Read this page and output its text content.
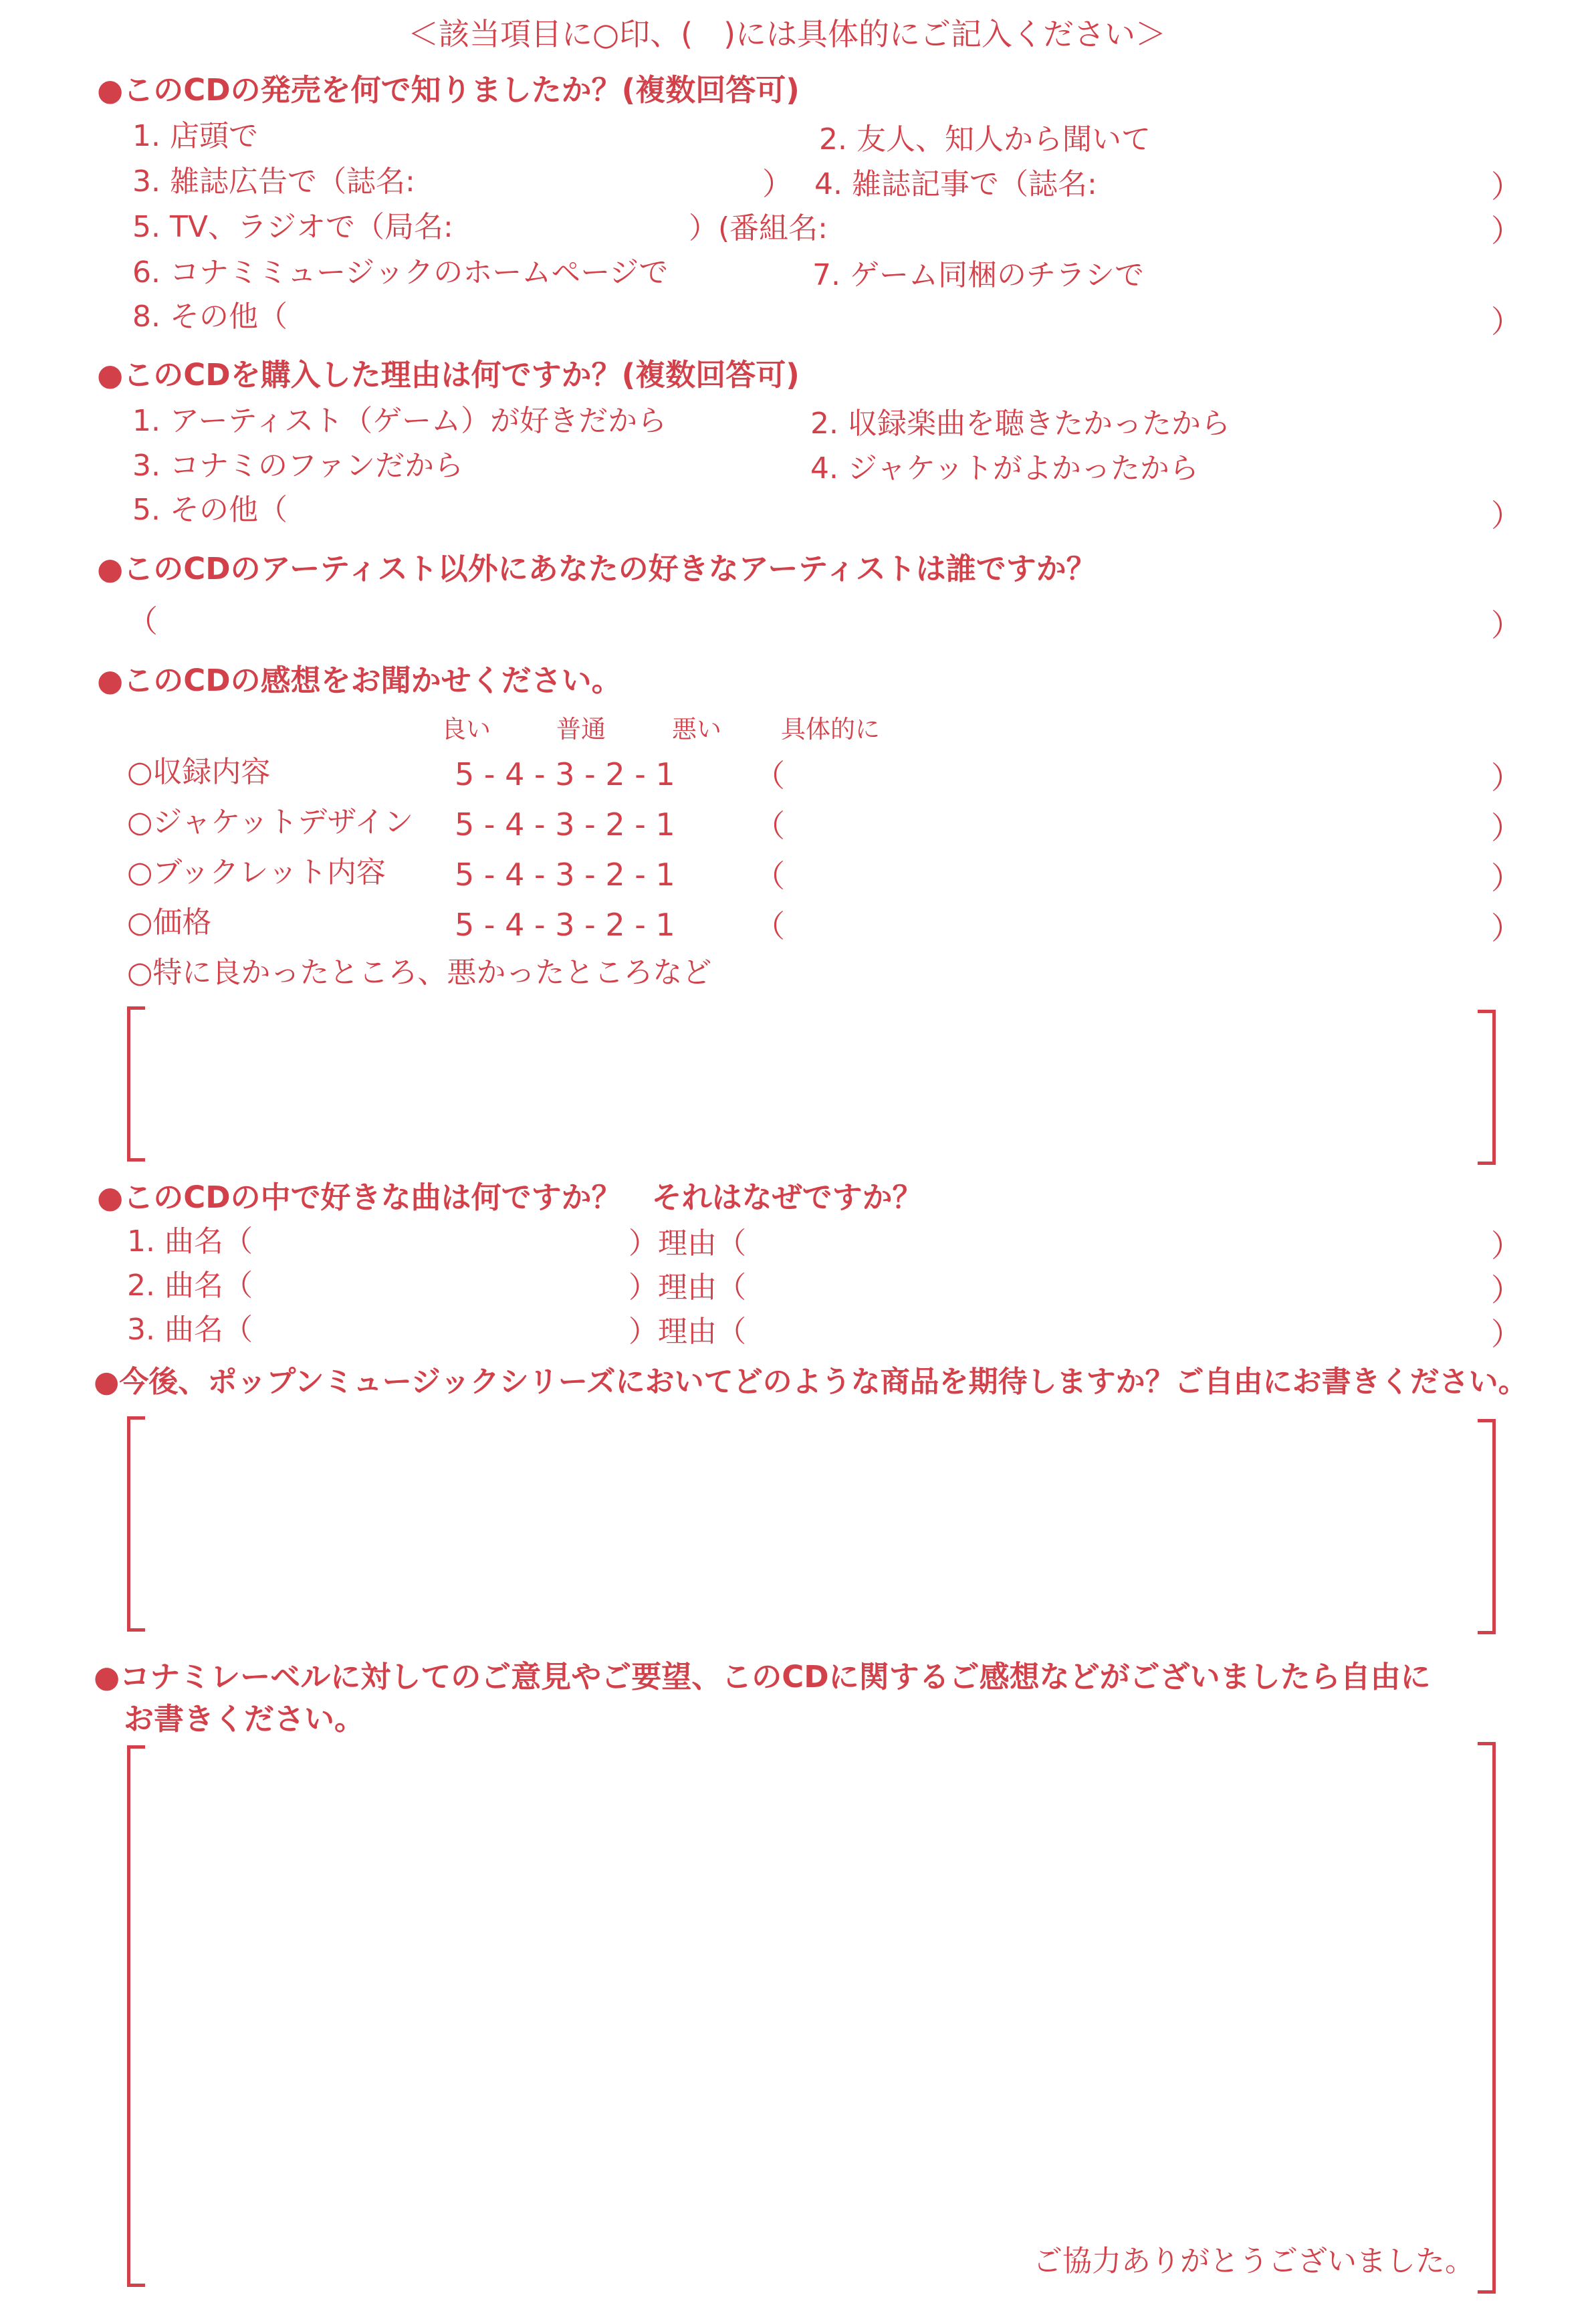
＜該当項目に○印、(　)には具体的にご記入ください＞
●このCDの発売を何で知りましたか？(複数回答可)
1. 店頭で	2. 友人、知人から聞いて
3. 雑誌広告で（誌名:	） 4. 雑誌記事で（誌名:	）
5. TV、ラジオで（局名:	）(番組名:	）
6. コナミミュージックのホームページで	7. ゲーム同梱のチラシで
8. その他（	）
●このCDを購入した理由は何ですか？(複数回答可)
1. アーティスト（ゲーム）が好きだから	2. 収録楽曲を聴きたかったから
3. コナミのファンだから	4. ジャケットがよかったから
5. その他（	）
●このCDのアーティスト以外にあなたの好きなアーティストは誰ですか？
（	）
●このCDの感想をお聞かせください。
良い	普通	悪い 具体的に
○収録内容	5 - 4 - 3 - 2 - 1	（	）
○ジャケットデザイン 5 - 4 - 3 - 2 - 1	（	）
○ブックレット内容 5 - 4 - 3 - 2 - 1	（	）
○価格	5 - 4 - 3 - 2 - 1	（	）
○特に良かったところ、悪かったところなど
●このCDの中で好きな曲は何ですか？　それはなぜですか？
1. 曲名（	）理由（	）
2. 曲名（	）理由（	）
3. 曲名（	）理由（	）
●今後、ポップンミュージックシリーズにおいてどのような商品を期待しますか？ご自由にお書きください。
●コナミレーベルに対してのご意見やご要望、このCDに関するご感想などがございましたら自由に
お書きください。
ご協力ありがとうございました。
